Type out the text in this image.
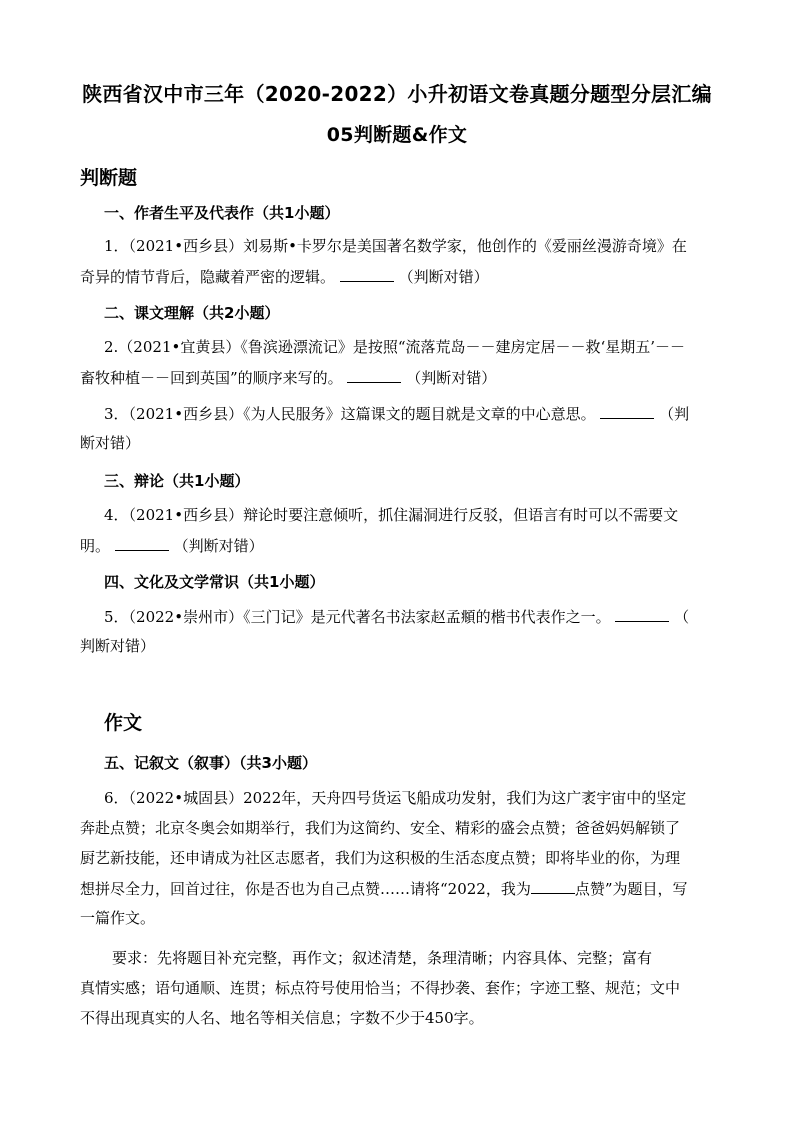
陕西省汉中市三年（2020-2022）小升初语文卷真题分题型分层汇编
05判断题&作文
判断题
一、作者生平及代表作（共1小题）
1．（2021•西乡县）刘易斯•卡罗尔是美国著名数学家，他创作的《爱丽丝漫游奇境》在
奇异的情节背后，隐藏着严密的逻辑。	（判断对错）
二、课文理解（共2小题）
2.（2021•宜黄县）《鲁滨逊漂流记》是按照“流落荒岛－－建房定居－－救‘星期五’－－
畜牧种植－－回到英国”的顺序来写的。	（判断对错）
3．（2021•西乡县）《为人民服务》这篇课文的题目就是文章的中心意思。	（判
断对错）
三、辩论（共1小题）
4．（2021•西乡县）辩论时要注意倾听，抓住漏洞进行反驳，但语言有时可以不需要文
明。	（判断对错）
四、文化及文学常识（共1小题）
5．（2022•崇州市）《三门记》是元代著名书法家赵孟頫的楷书代表作之一。	（
判断对错）
作文
五、记叙文（叙事）（共3小题）
6．（2022•城固县）2022年，天舟四号货运飞船成功发射，我们为这广袤宇宙中的坚定
奔赴点赞；北京冬奥会如期举行，我们为这简约、安全、精彩的盛会点赞；爸爸妈妈解锁了
厨艺新技能，还申请成为社区志愿者，我们为这积极的生活态度点赞；即将毕业的你，为理
想拼尽全力，回首过往，你是否也为自己点赞……请将“2022，我为	点赞”为题目，写
一篇作文。
要求：先将题目补充完整，再作文；叙述清楚，条理清晰；内容具体、完整；富有
真情实感；语句通顺、连贯；标点符号使用恰当；不得抄袭、套作；字迹工整、规范；文中
不得出现真实的人名、地名等相关信息；字数不少于450字。
